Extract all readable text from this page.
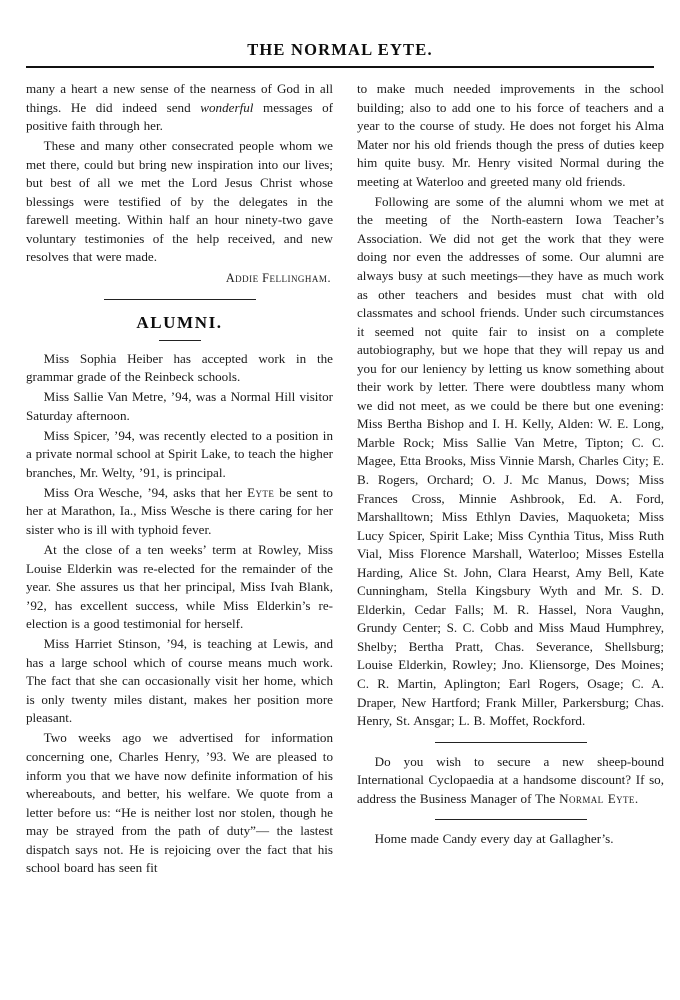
THE NORMAL EYTE.

many a heart a new sense of the nearness of God in all things. He did indeed send wonderful messages of positive faith through her.

These and many other consecrated people whom we met there, could but bring new inspiration into our lives; but best of all we met the Lord Jesus Christ whose blessings were testified of by the delegates in the farewell meeting. Within half an hour ninety-two gave voluntary testimonies of the help received, and new resolves that were made.

Addie Fellingham.

ALUMNI.

Miss Sophia Heiber has accepted work in the grammar grade of the Reinbeck schools.

Miss Sallie Van Metre, ’94, was a Normal Hill visitor Saturday afternoon.

Miss Spicer, ’94, was recently elected to a position in a private normal school at Spirit Lake, to teach the higher branches, Mr. Welty, ’91, is principal.

Miss Ora Wesche, ’94, asks that her Eyte be sent to her at Marathon, Ia., Miss Wesche is there caring for her sister who is ill with typhoid fever.

At the close of a ten weeks’ term at Rowley, Miss Louise Elderkin was re-elected for the remainder of the year. She assures us that her principal, Miss Ivah Blank, ’92, has excellent success, while Miss Elderkin’s re-election is a good testimonial for herself.

Miss Harriet Stinson, ’94, is teaching at Lewis, and has a large school which of course means much work. The fact that she can occasionally visit her home, which is only twenty miles distant, makes her position more pleasant.

Two weeks ago we advertised for information concerning one, Charles Henry, ’93. We are pleased to inform you that we have now definite information of his whereabouts, and better, his welfare. We quote from a letter before us: “He is neither lost nor stolen, though he may be strayed from the path of duty”— the lastest dispatch says not. He is rejoicing over the fact that his school board has seen fit

to make much needed improvements in the school building; also to add one to his force of teachers and a year to the course of study. He does not forget his Alma Mater nor his old friends though the press of duties keep him quite busy. Mr. Henry visited Normal during the meeting at Waterloo and greeted many old friends.

Following are some of the alumni whom we met at the meeting of the North-eastern Iowa Teacher’s Association. We did not get the work that they were doing nor even the addresses of some. Our alumni are always busy at such meetings—they have as much work as other teachers and besides must chat with old classmates and school friends. Under such circumstances it seemed not quite fair to insist on a complete autobiography, but we hope that they will repay us and you for our leniency by letting us know something about their work by letter. There were doubtless many whom we did not meet, as we could be there but one evening: Miss Bertha Bishop and I. H. Kelly, Alden: W. E. Long, Marble Rock; Miss Sallie Van Metre, Tipton; C. C. Magee, Etta Brooks, Miss Vinnie Marsh, Charles City; E. B. Rogers, Orchard; O. J. Mc Manus, Dows; Miss Frances Cross, Minnie Ashbrook, Ed. A. Ford, Marshalltown; Miss Ethlyn Davies, Maquoketa; Miss Lucy Spicer, Spirit Lake; Miss Cynthia Titus, Miss Ruth Vial, Miss Florence Marshall, Waterloo; Misses Estella Harding, Alice St. John, Clara Hearst, Amy Bell, Kate Cunningham, Stella Kingsbury Wyth and Mr. S. D. Elderkin, Cedar Falls; M. R. Hassel, Nora Vaughn, Grundy Center; S. C. Cobb and Miss Maud Humphrey, Shelby; Bertha Pratt, Chas. Severance, Shellsburg; Louise Elderkin, Rowley; Jno. Kliensorge, Des Moines; C. R. Martin, Aplington; Earl Rogers, Osage; C. A. Draper, New Hartford; Frank Miller, Parkersburg; Chas. Henry, St. Ansgar; L. B. Moffet, Rockford.

Do you wish to secure a new sheep-bound International Cyclopaedia at a handsome discount? If so, address the Business Manager of The Normal Eyte.

Home made Candy every day at Gallagher’s.
